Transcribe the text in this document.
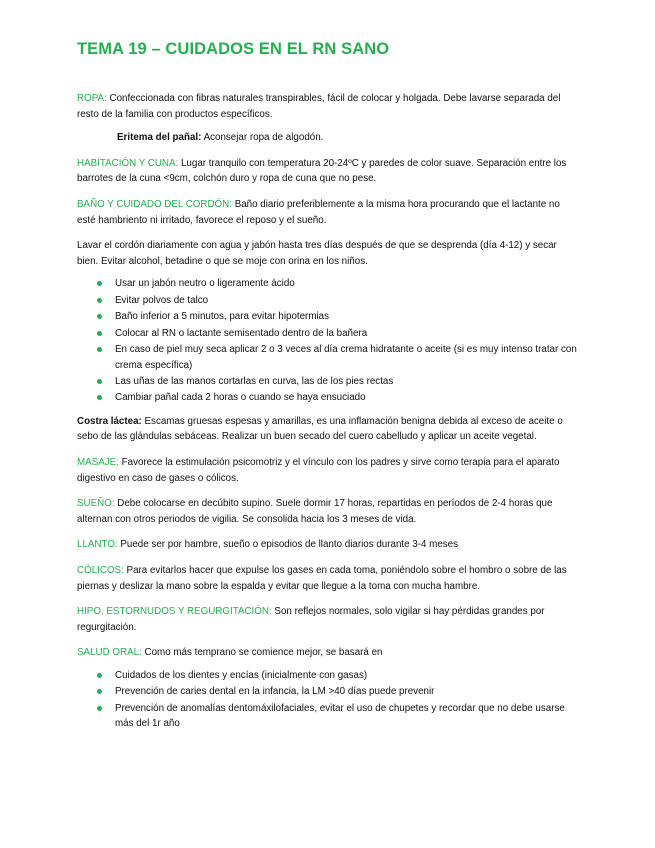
TEMA 19 – CUIDADOS EN EL RN SANO

ROPA: Confeccionada con fibras naturales transpirables, fácil de colocar y holgada. Debe lavarse separada del resto de la familia con productos específicos.

Eritema del pañal: Aconsejar ropa de algodón.

HABITACIÓN Y CUNA: Lugar tranquilo con temperatura 20-24ºC y paredes de color suave. Separación entre los barrotes de la cuna <9cm, colchón duro y ropa de cuna que no pese.

BAÑO Y CUIDADO DEL CORDÓN: Baño diario preferiblemente a la misma hora procurando que el lactante no esté hambriento ni irritado, favorece el reposo y el sueño.

Lavar el cordón diariamente con agua y jabón hasta tres días después de que se desprenda (día 4-12) y secar bien. Evitar alcohol, betadine o que se moje con orina en los niños.

Usar un jabón neutro o ligeramente ácido
Evitar polvos de talco
Baño inferior a 5 minutos, para evitar hipotermias
Colocar al RN o lactante semisentado dentro de la bañera
En caso de piel muy seca aplicar 2 o 3 veces al día crema hidratante o aceite (si es muy intenso tratar con crema específica)
Las uñas de las manos cortarlas en curva, las de los pies rectas
Cambiar pañal cada 2 horas o cuando se haya ensuciado

Costra láctea: Escamas gruesas espesas y amarillas, es una inflamación benigna debida al exceso de aceite o sebo de las glándulas sebáceas. Realizar un buen secado del cuero cabelludo y aplicar un aceite vegetal.

MASAJE: Favorece la estimulación psicomotriz y el vínculo con los padres y sirve como terapia para el aparato digestivo en caso de gases o cólicos.

SUEÑO: Debe colocarse en decúbito supino. Suele dormir 17 horas, repartidas en períodos de 2-4 horas que alternan con otros periodos de vigilia. Se consolida hacia los 3 meses de vida.

LLANTO: Puede ser por hambre, sueño o episodios de llanto diarios durante 3-4 meses

CÓLICOS: Para evitarlos hacer que expulse los gases en cada toma, poniéndolo sobre el hombro o sobre de las piernas y deslizar la mano sobre la espalda y evitar que llegue a la toma con mucha hambre.

HIPO, ESTORNUDOS Y REGURGITACIÓN: Son reflejos normales, solo vigilar si hay pérdidas grandes por regurgitación.

SALUD ORAL: Como más temprano se comience mejor, se basará en

Cuidados de los dientes y encías (inicialmente con gasas)
Prevención de caries dental en la infancia, la LM >40 días puede prevenir
Prevención de anomalías dentomáxilofaciales, evitar el uso de chupetes y recordar que no debe usarse más del 1r año
